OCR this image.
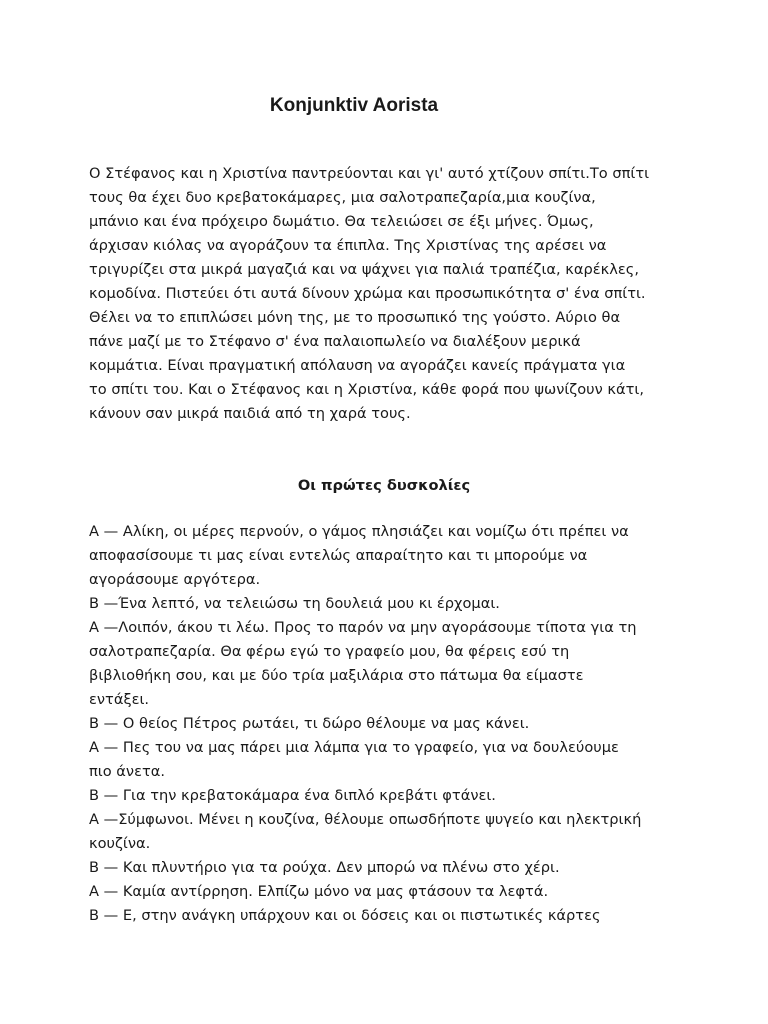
Konjunktiv Aorista
Ο Στέφανος και η Χριστίνα παντρεύονται και γι' αυτό χτίζουν σπίτι.Το σπίτι
τους θα έχει δυο κρεβατοκάμαρες, μια σαλοτραπεζαρία,μια κουζίνα,
μπάνιο και ένα πρόχειρο δωμάτιο. Θα τελειώσει σε έξι μήνες. Όμως,
άρχισαν κιόλας να αγοράζουν τα έπιπλα. Της Χριστίνας της αρέσει να
τριγυρίζει στα μικρά μαγαζιά και να ψάχνει για παλιά τραπέζια, καρέκλες,
κομοδίνα. Πιστεύει ότι αυτά δίνουν χρώμα και προσωπικότητα σ' ένα σπίτι.
Θέλει να το επιπλώσει μόνη της, με το προσωπικό της γούστο. Αύριο θα
πάνε μαζί με το Στέφανο σ' ένα παλαιοπωλείο να διαλέξουν μερικά
κομμάτια. Είναι πραγματική απόλαυση να αγοράζει κανείς πράγματα για
το σπίτι του. Και ο Στέφανος και η Χριστίνα, κάθε φορά που ψωνίζουν κάτι,
κάνουν σαν μικρά παιδιά από τη χαρά τους.
Οι πρώτες δυσκολίες
Α — Αλίκη, οι μέρες περνούν, ο γάμος πλησιάζει και νομίζω ότι πρέπει να
αποφασίσουμε τι μας είναι εντελώς απαραίτητο και τι μπορούμε να
αγοράσουμε αργότερα.
Β —Ένα λεπτό, να τελειώσω τη δουλειά μου κι έρχομαι.
Α —Λοιπόν, άκου τι λέω. Προς το παρόν να μην αγοράσουμε τίποτα για τη
σαλοτραπεζαρία. Θα φέρω εγώ το γραφείο μου, θα φέρεις εσύ τη
βιβλιοθήκη σου, και με δύο τρία μαξιλάρια στο πάτωμα θα είμαστε
εντάξει.
Β — Ο θείος Πέτρος ρωτάει, τι δώρο θέλουμε να μας κάνει.
Α — Πες του να μας πάρει μια λάμπα για το γραφείο, για να δουλεύουμε
πιο άνετα.
Β — Για την κρεβατοκάμαρα ένα διπλό κρεβάτι φτάνει.
Α —Σύμφωνοι. Μένει η κουζίνα, θέλουμε οπωσδήποτε ψυγείο και ηλεκτρική
κουζίνα.
Β — Και πλυντήριο για τα ρούχα. Δεν μπορώ να πλένω στο χέρι.
Α — Καμία αντίρρηση. Ελπίζω μόνο να μας φτάσουν τα λεφτά.
Β — Ε, στην ανάγκη υπάρχουν και οι δόσεις και οι πιστωτικές κάρτες
